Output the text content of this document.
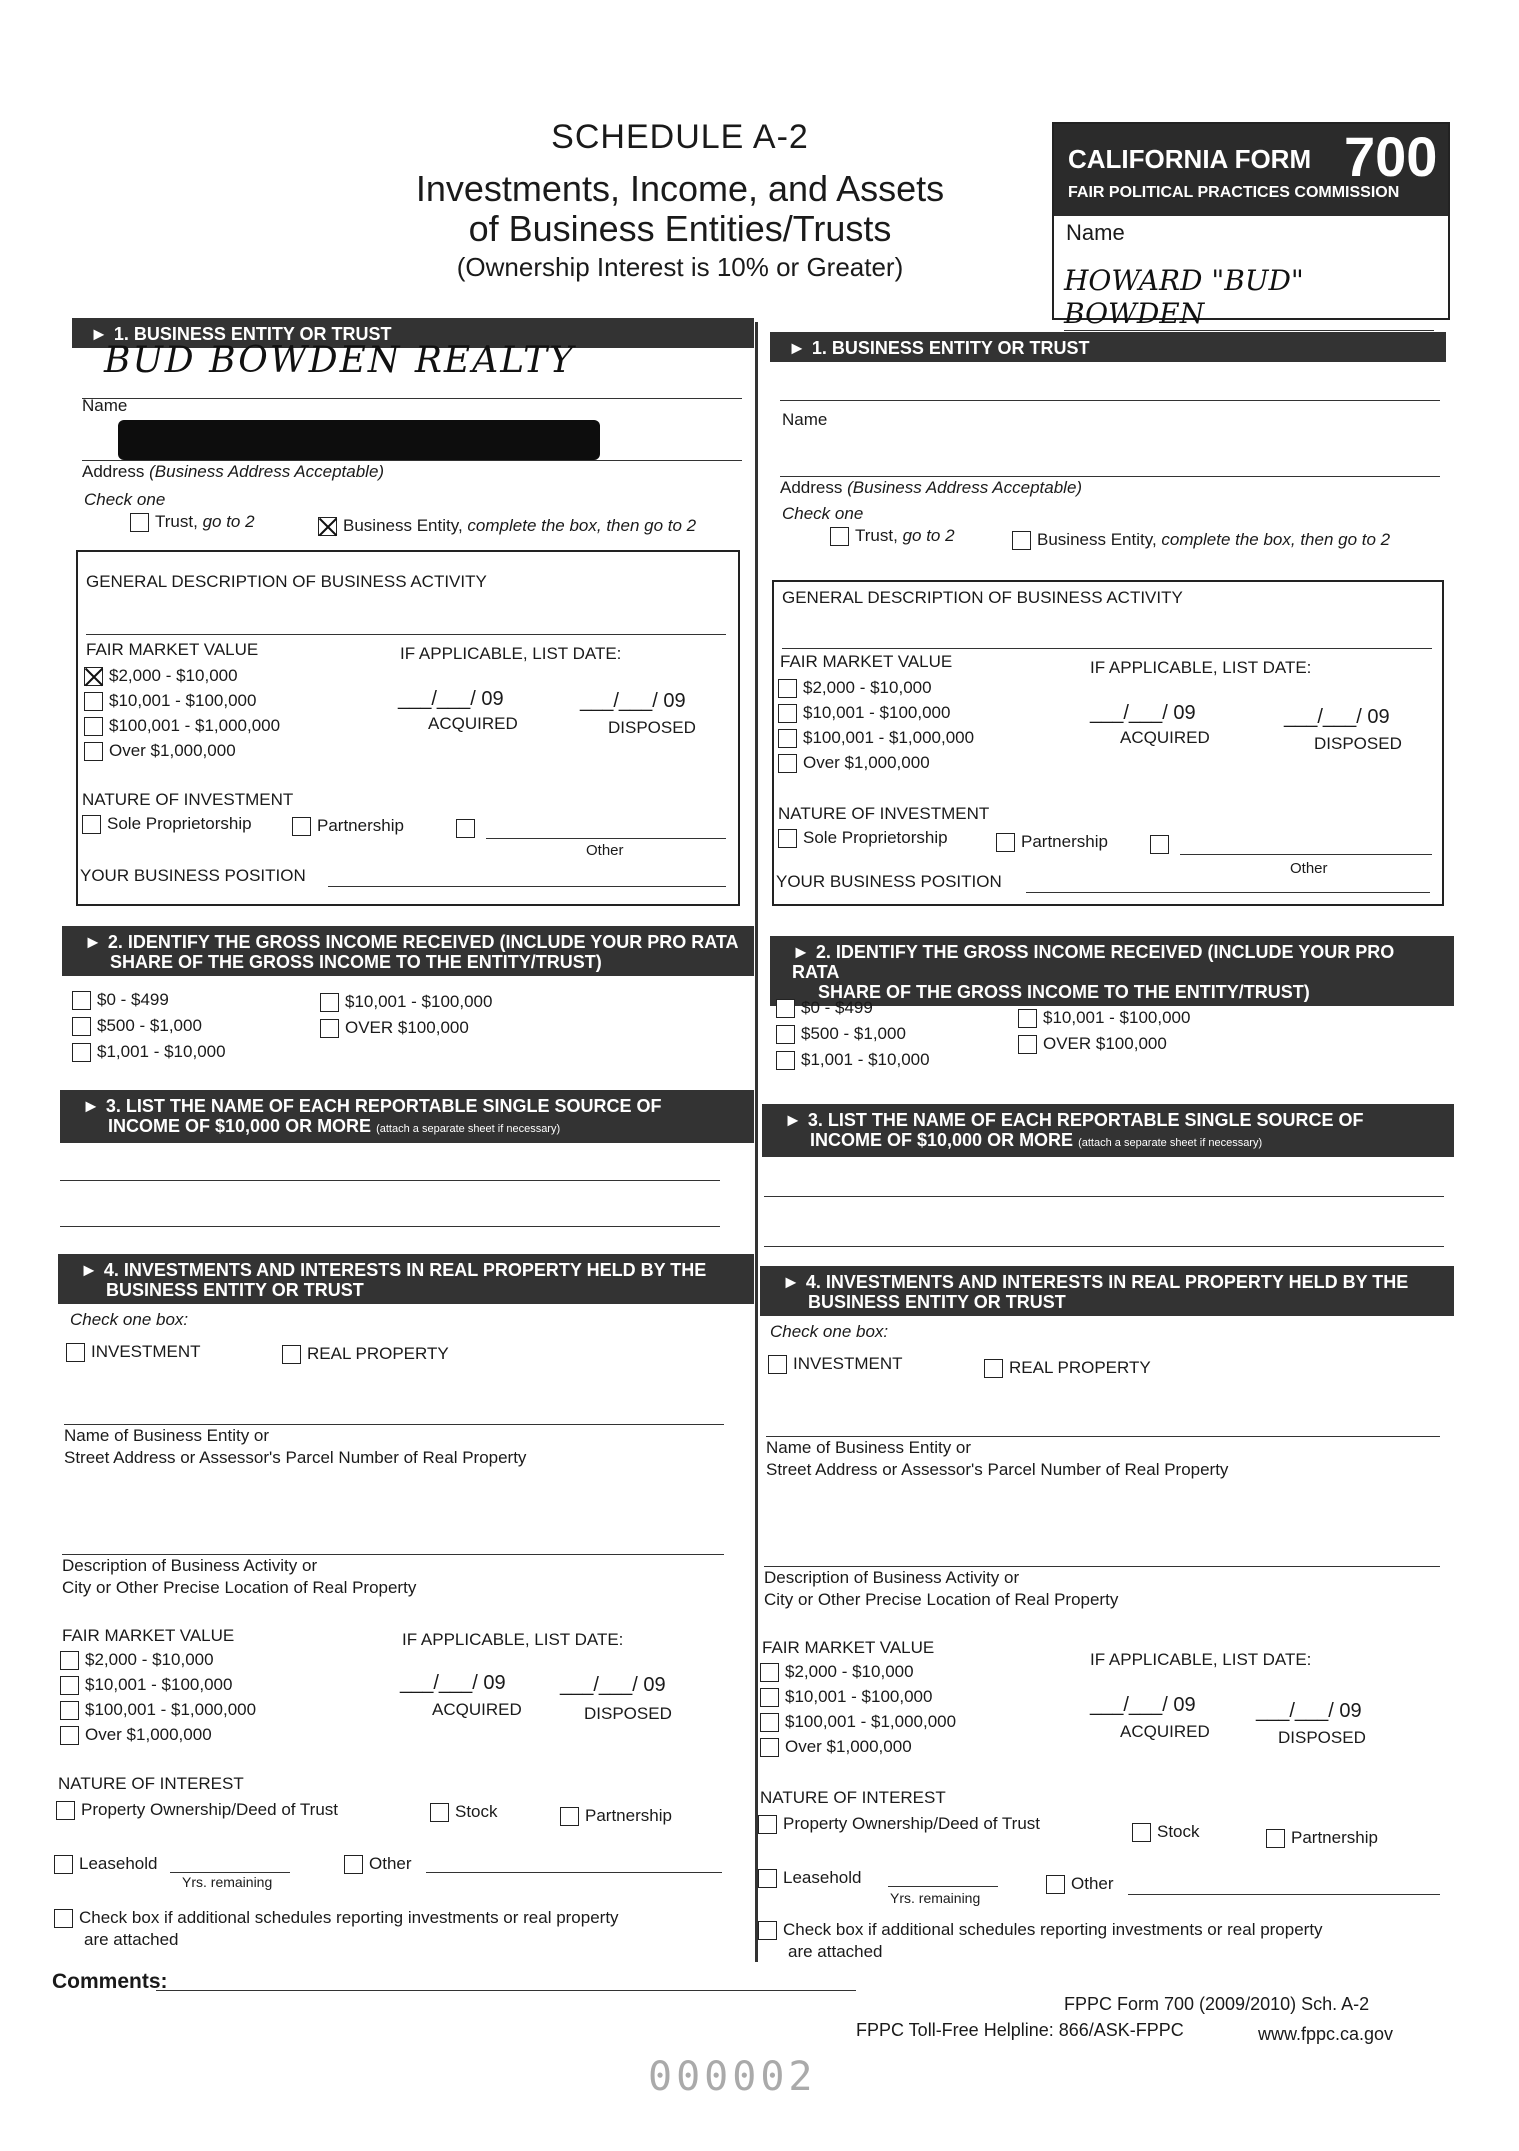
SCHEDULE A-2
Investments, Income, and Assets
of Business Entities/Trusts
(Ownership Interest is 10% or Greater)
CALIFORNIA FORM 700
FAIR POLITICAL PRACTICES COMMISSION
Name
HOWARD "BUD" BOWDEN
► 1. BUSINESS ENTITY OR TRUST
BUD BOWDEN REALTY
Name
Address (Business Address Acceptable)
Check one
Trust,
go to 2	Business Entity,
complete the box, then go to 2
GENERAL DESCRIPTION OF BUSINESS ACTIVITY
FAIR MARKET VALUE	IF APPLICABLE, LIST DATE:
$2,000 - $10,000
$10,001 - $100,000
$100,001 - $1,000,000
Over $1,000,000
___/___/ 09
ACQUIRED
___/___/ 09
DISPOSED
NATURE OF INVESTMENT
Sole Proprietorship	Partnership
Other
YOUR BUSINESS POSITION
► 2. IDENTIFY THE GROSS INCOME RECEIVED (INCLUDE YOUR PRO RATA
SHARE OF THE GROSS INCOME TO THE ENTITY/TRUST)
$0 - $499
$500 - $1,000
$1,001 - $10,000
$10,001 - $100,000
OVER $100,000
► 3. LIST THE NAME OF EACH REPORTABLE SINGLE SOURCE OF
INCOME OF $10,000 OR MORE (attach a separate sheet if necessary)
► 4. INVESTMENTS AND INTERESTS IN REAL PROPERTY HELD BY THE
BUSINESS ENTITY OR TRUST
Check one box:
INVESTMENT	REAL PROPERTY
Name of Business Entity or
Street Address or Assessor's Parcel Number of Real Property
Description of Business Activity or
City or Other Precise Location of Real Property
FAIR MARKET VALUE	IF APPLICABLE, LIST DATE:
$2,000 - $10,000
$10,001 - $100,000
$100,001 - $1,000,000
Over $1,000,000
___/___/ 09
ACQUIRED
___/___/ 09
DISPOSED
NATURE OF INTEREST
Property Ownership/Deed of Trust	Stock	Partnership
Leasehold
Yrs. remaining
Other
Check box if additional schedules reporting investments or real property
are attached
► 1. BUSINESS ENTITY OR TRUST
Name
Address (Business Address Acceptable)
Check one
Trust,
go to 2	Business Entity,
complete the box, then go to 2
GENERAL DESCRIPTION OF BUSINESS ACTIVITY
FAIR MARKET VALUE	IF APPLICABLE, LIST DATE:
$2,000 - $10,000
$10,001 - $100,000
$100,001 - $1,000,000
Over $1,000,000
___/___/ 09
ACQUIRED
___/___/ 09
DISPOSED
NATURE OF INVESTMENT
Sole Proprietorship	Partnership
Other
YOUR BUSINESS POSITION
► 2. IDENTIFY THE GROSS INCOME RECEIVED (INCLUDE YOUR PRO RATA
SHARE OF THE GROSS INCOME TO THE ENTITY/TRUST)
$0 - $499
$500 - $1,000
$1,001 - $10,000
$10,001 - $100,000
OVER $100,000
► 3. LIST THE NAME OF EACH REPORTABLE SINGLE SOURCE OF
INCOME OF $10,000 OR MORE (attach a separate sheet if necessary)
► 4. INVESTMENTS AND INTERESTS IN REAL PROPERTY HELD BY THE
BUSINESS ENTITY OR TRUST
Check one box:
INVESTMENT	REAL PROPERTY
Name of Business Entity or
Street Address or Assessor's Parcel Number of Real Property
Description of Business Activity or
City or Other Precise Location of Real Property
FAIR MARKET VALUE
IF APPLICABLE, LIST DATE:
$2,000 - $10,000
$10,001 - $100,000
$100,001 - $1,000,000
Over $1,000,000
___/___/ 09
ACQUIRED
___/___/ 09
DISPOSED
NATURE OF INTEREST
Property Ownership/Deed of Trust	Stock	Partnership
Leasehold
Yrs. remaining
Other
Check box if additional schedules reporting investments or real property
are attached
Comments:
FPPC Form 700 (2009/2010) Sch. A-2
FPPC Toll-Free Helpline: 866/ASK-FPPC	www.fppc.ca.gov
000002
